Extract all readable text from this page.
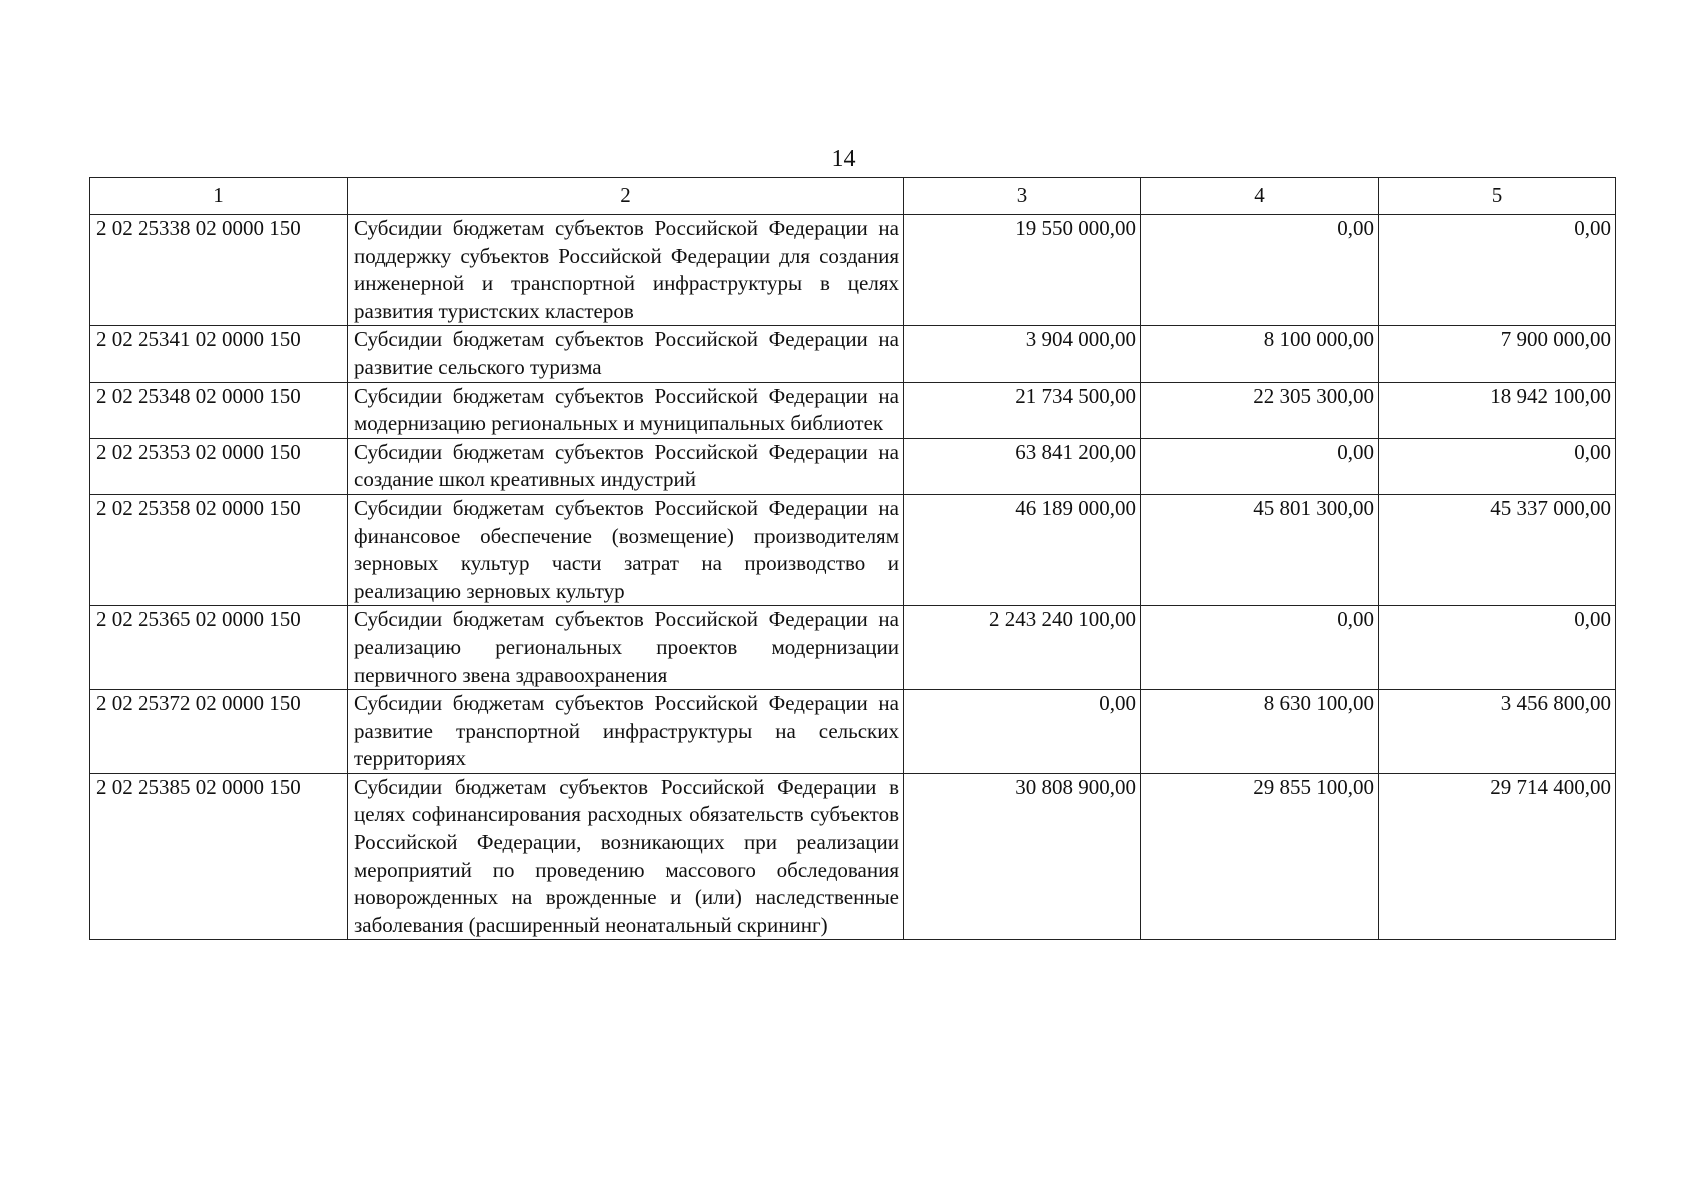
14
1	2	3	4	5
2 02 25338 02 0000 150	Субсидии бюджетам субъектов Российской Федерации на поддержку субъектов Российской Федерации для создания инженерной и транспортной инфраструктуры в целях развития туристских кластеров	19 550 000,00	0,00	0,00
2 02 25341 02 0000 150	Субсидии бюджетам субъектов Российской Федерации на развитие сельского туризма	3 904 000,00	8 100 000,00	7 900 000,00
2 02 25348 02 0000 150	Субсидии бюджетам субъектов Российской Федерации на модернизацию региональных и муниципальных библиотек	21 734 500,00	22 305 300,00	18 942 100,00
2 02 25353 02 0000 150	Субсидии бюджетам субъектов Российской Федерации на создание школ креативных индустрий	63 841 200,00	0,00	0,00
2 02 25358 02 0000 150	Субсидии бюджетам субъектов Российской Федерации на финансовое обеспечение (возмещение) производителям зерновых культур части затрат на производство и реализацию зерновых культур	46 189 000,00	45 801 300,00	45 337 000,00
2 02 25365 02 0000 150	Субсидии бюджетам субъектов Российской Федерации на реализацию региональных проектов модернизации первичного звена здравоохранения	2 243 240 100,00	0,00	0,00
2 02 25372 02 0000 150	Субсидии бюджетам субъектов Российской Федерации на развитие транспортной инфраструктуры на сельских территориях	0,00	8 630 100,00	3 456 800,00
2 02 25385 02 0000 150	Субсидии бюджетам субъектов Российской Федерации в целях софинансирования расходных обязательств субъектов Российской Федерации, возникающих при реализации мероприятий по проведению массового обследования новорожденных на врожденные и (или) наследственные заболевания (расширенный неонатальный скрининг)	30 808 900,00	29 855 100,00	29 714 400,00
